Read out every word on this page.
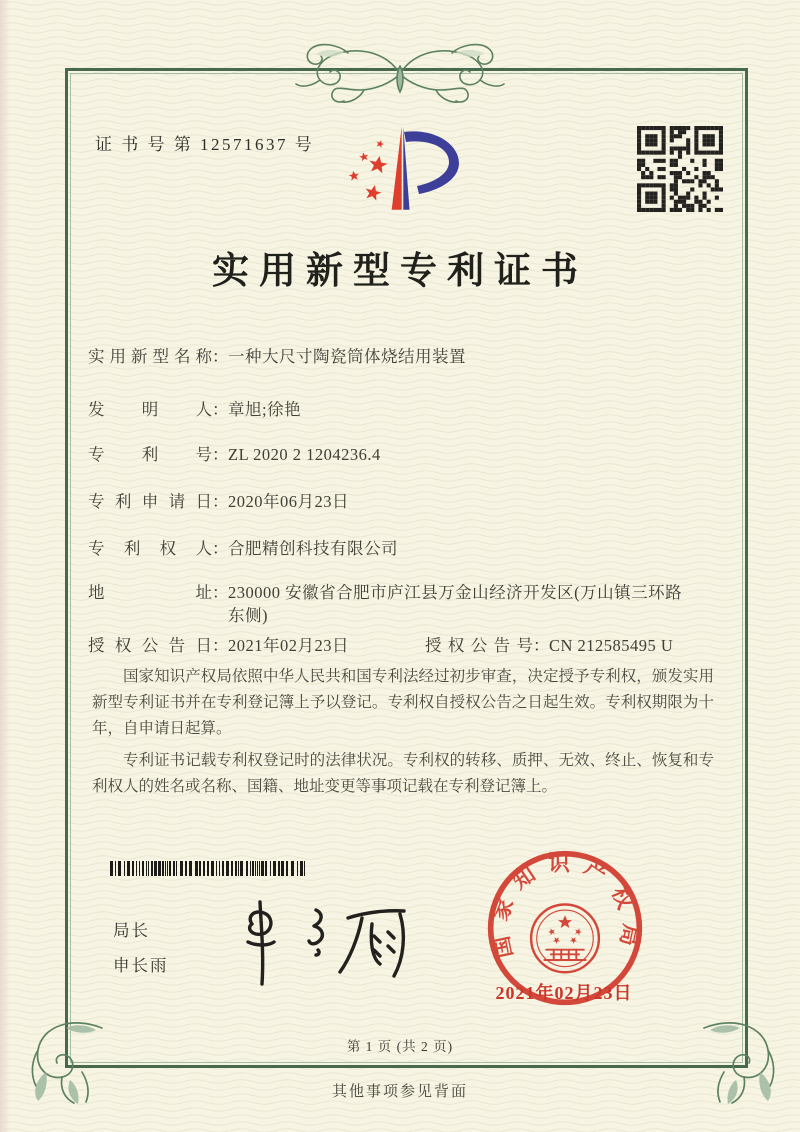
证 书 号 第 12571637 号
实用新型专利证书
实 用 新 型 名 称 ： 一种大尺寸陶瓷筒体烧结用装置
发 明 人 ： 章旭;徐艳
专 利 号 ： ZL 2020 2 1204236.4
专 利 申 请 日 ： 2020年06月23日
专 利 权 人 ： 合肥精创科技有限公司
地	址 ： 230000 安徽省合肥市庐江县万金山经济开发区(万山镇三环路东侧)
授 权 公 告 日 ： 2021年02月23日	授 权 公 告 号 ： CN 212585495 U

国家知识产权局依照中华人民共和国专利法经过初步审查，决定授予专利权，颁发实用新型专利证书并在专利登记簿上予以登记。专利权自授权公告之日起生效。专利权期限为十年，自申请日起算。

专利证书记载专利权登记时的法律状况。专利权的转移、质押、无效、终止、恢复和专利权人的姓名或名称、国籍、地址变更等事项记载在专利登记簿上。

局长
申长雨
国家知识产权局
2021年02月23日
第 1 页 (共 2 页)
其他事项参见背面
